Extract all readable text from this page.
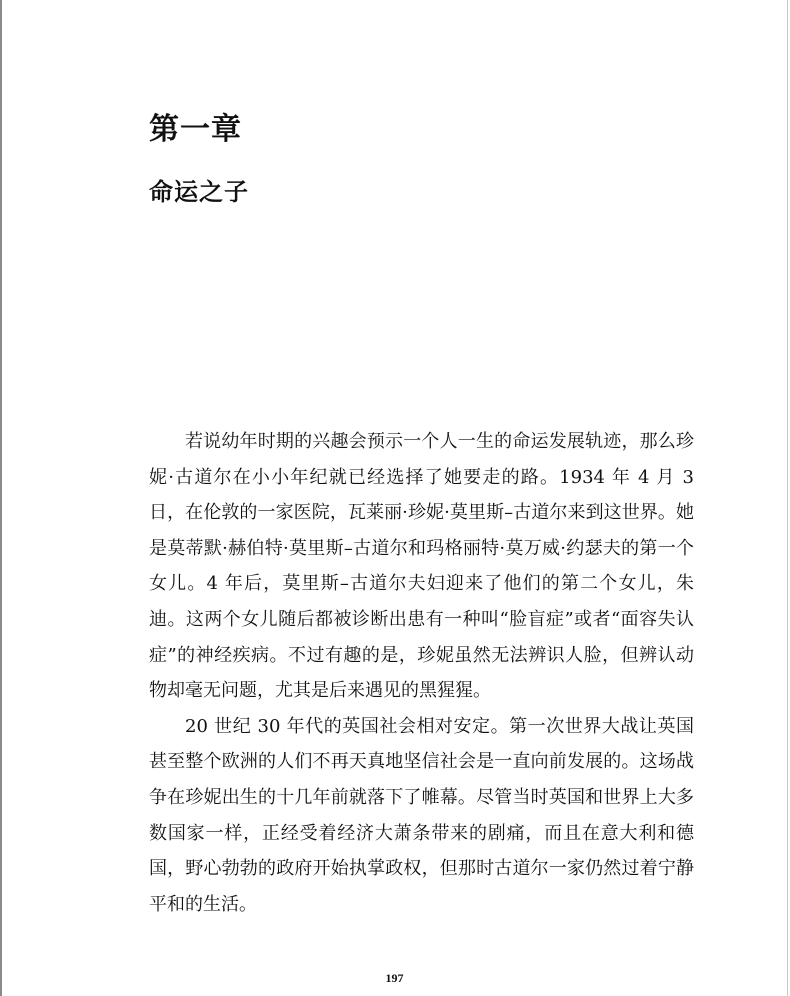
第一章
命运之子

若说幼年时期的兴趣会预示一个人一生的命运发展轨迹，那么珍妮·古道尔在小小年纪就已经选择了她要走的路。1934 年 4 月 3 日，在伦敦的一家医院，瓦莱丽·珍妮·莫里斯–古道尔来到这世界。她是莫蒂默·赫伯特·莫里斯–古道尔和玛格丽特·莫万威·约瑟夫的第一个女儿。4 年后，莫里斯–古道尔夫妇迎来了他们的第二个女儿，朱迪。这两个女儿随后都被诊断出患有一种叫“脸盲症”或者“面容失认症”的神经疾病。不过有趣的是，珍妮虽然无法辨识人脸，但辨认动物却毫无问题，尤其是后来遇见的黑猩猩。

20 世纪 30 年代的英国社会相对安定。第一次世界大战让英国甚至整个欧洲的人们不再天真地坚信社会是一直向前发展的。这场战争在珍妮出生的十几年前就落下了帷幕。尽管当时英国和世界上大多数国家一样，正经受着经济大萧条带来的剧痛，而且在意大利和德国，野心勃勃的政府开始执掌政权，但那时古道尔一家仍然过着宁静平和的生活。

197
